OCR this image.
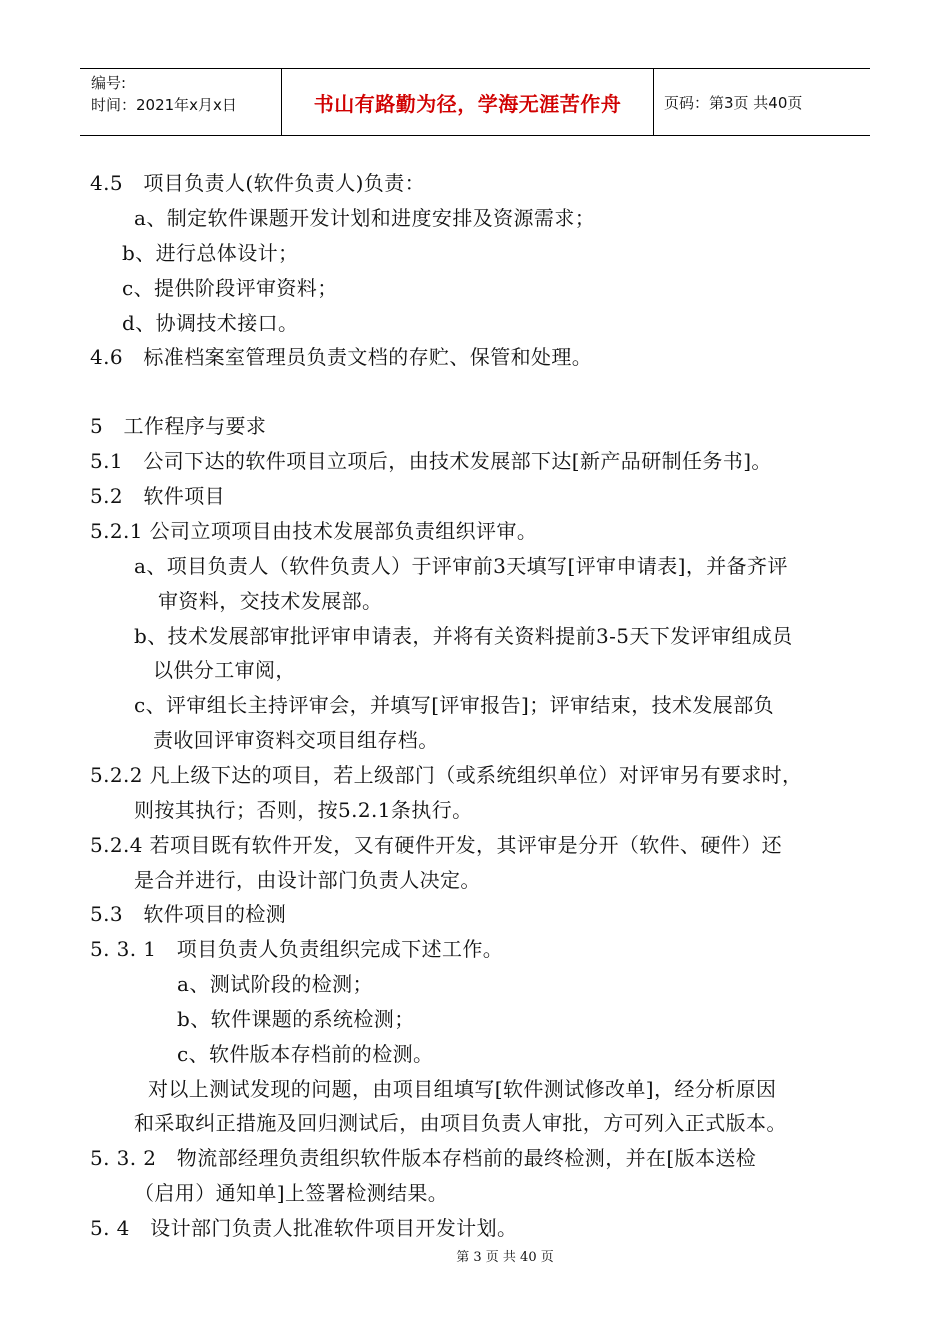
编号:
时间：2021年x月x日	书山有路勤为径，学海无涯苦作舟	页码：第3页 共40页
4.5　项目负责人(软件负责人)负责：
a、制定软件课题开发计划和进度安排及资源需求；
b、进行总体设计；
c、提供阶段评审资料；
d、协调技术接口。
4.6　标准档案室管理员负责文档的存贮、保管和处理。
5　工作程序与要求
5.1　公司下达的软件项目立项后，由技术发展部下达[新产品研制任务书]。
5.2　软件项目
5.2.1 公司立项项目由技术发展部负责组织评审。
a、项目负责人（软件负责人）于评审前3天填写[评审申请表]，并备齐评
审资料，交技术发展部。
b、技术发展部审批评审申请表，并将有关资料提前3-5天下发评审组成员
以供分工审阅，
c、评审组长主持评审会，并填写[评审报告]；评审结束，技术发展部负
责收回评审资料交项目组存档。
5.2.2 凡上级下达的项目，若上级部门（或系统组织单位）对评审另有要求时，
则按其执行；否则，按5.2.1条执行。
5.2.4 若项目既有软件开发，又有硬件开发，其评审是分开（软件、硬件）还
是合并进行，由设计部门负责人决定。
5.3　软件项目的检测
5. 3. 1　项目负责人负责组织完成下述工作。
a、测试阶段的检测；
b、软件课题的系统检测；
c、软件版本存档前的检测。
对以上测试发现的问题，由项目组填写[软件测试修改单]，经分析原因
和采取纠正措施及回归测试后，由项目负责人审批，方可列入正式版本。
5. 3. 2　物流部经理负责组织软件版本存档前的最终检测，并在[版本送检
（启用）通知单]上签署检测结果。
5. 4　设计部门负责人批准软件项目开发计划。
第 3 页 共 40 页
